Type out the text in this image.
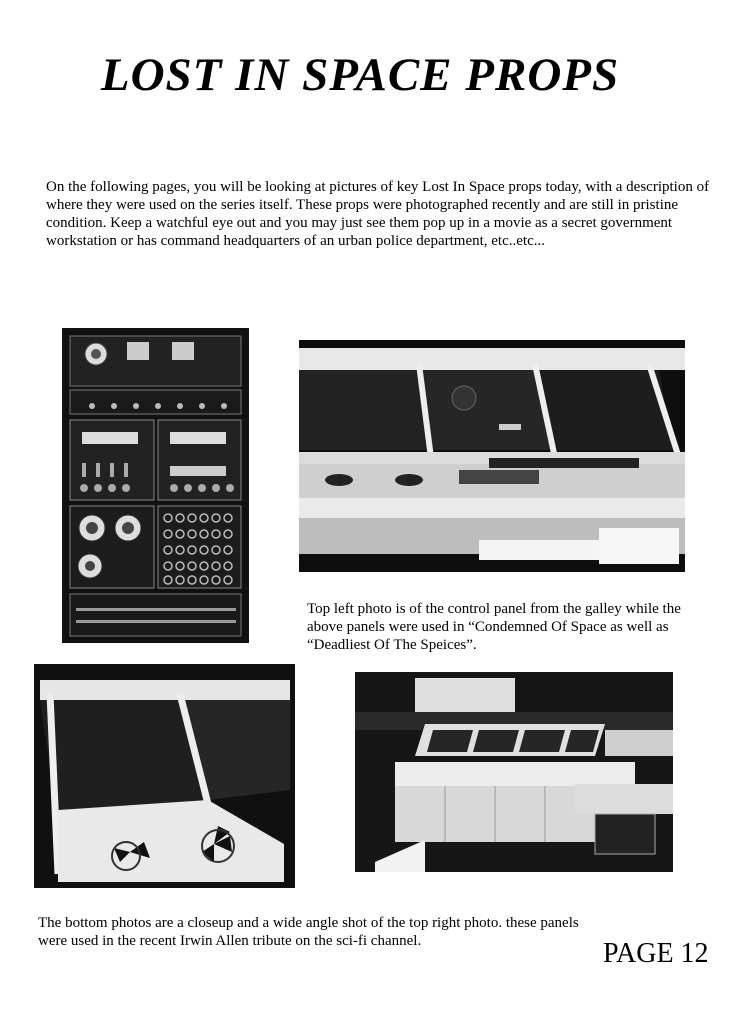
LOST IN SPACE PROPS
On the following pages, you will be looking at pictures of key Lost In Space props today, with a description of where they were used on the series itself. These props were photographed recently and are still in pristine condition. Keep a watchful eye out and you may just see them pop up in a movie as a secret government workstation or has command headquarters of an urban police department, etc..etc...
Top left photo is of the control panel from the galley while the above panels were used in “Condemned Of Space as well as “Deadliest Of The Speices”.
The bottom photos are a closeup and a wide angle shot of the top right photo. these panels were used in the recent Irwin Allen tribute on the sci-fi channel.	PAGE 12
